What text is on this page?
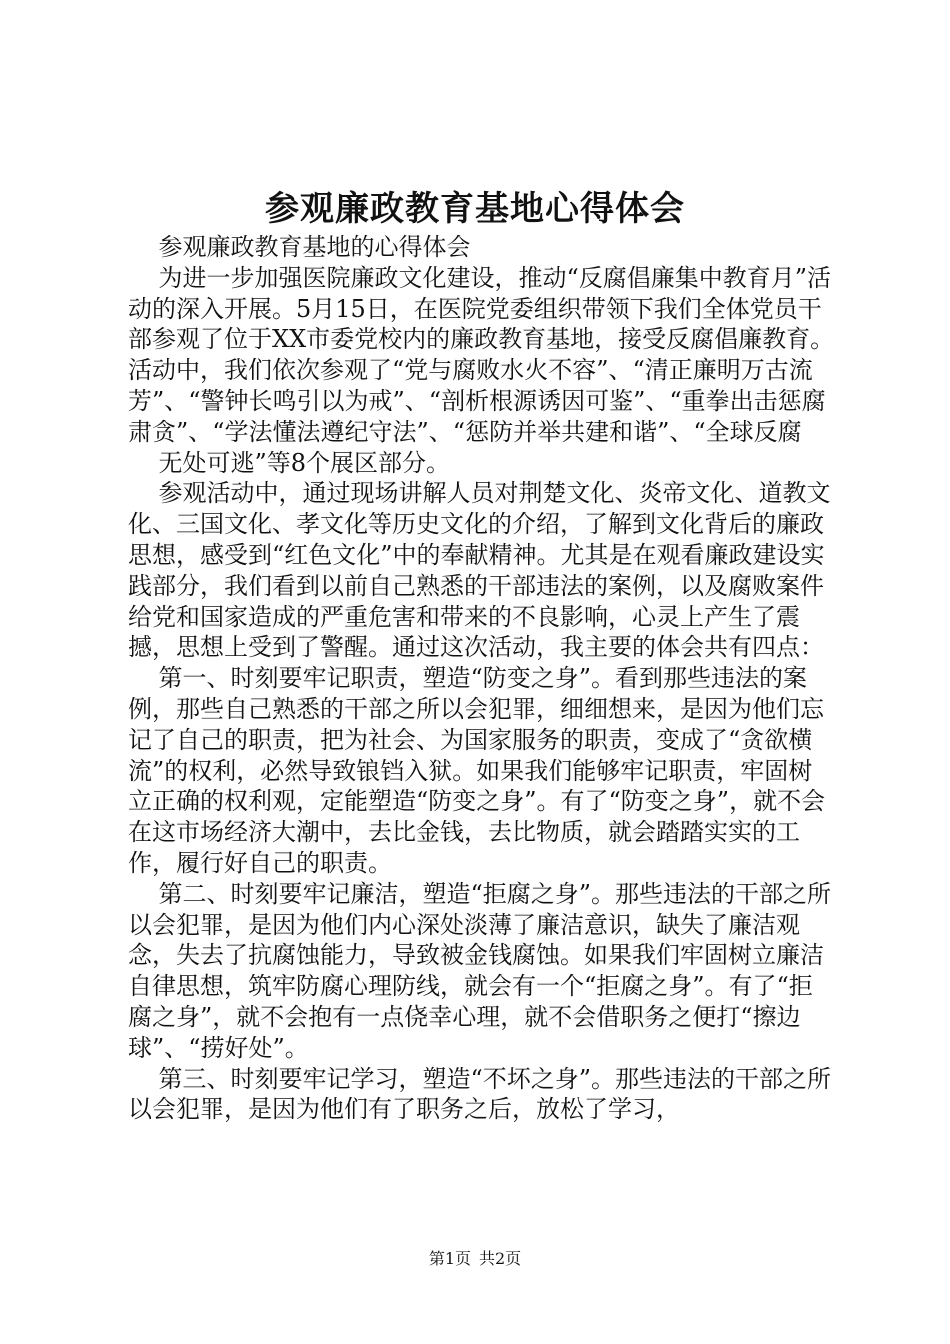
参观廉政教育基地心得体会

参观廉政教育基地的心得体会

为进一步加强医院廉政文化建设，推动“反腐倡廉集中教育月”活动的深入开展。5月15日，在医院党委组织带领下我们全体党员干部参观了位于XX市委党校内的廉政教育基地，接受反腐倡廉教育。活动中，我们依次参观了“党与腐败水火不容”、“清正廉明万古流芳”、“警钟长鸣引以为戒”、“剖析根源诱因可鉴”、“重拳出击惩腐肃贪”、“学法懂法遵纪守法”、“惩防并举共建和谐”、“全球反腐

无处可逃”等8个展区部分。

参观活动中，通过现场讲解人员对荆楚文化、炎帝文化、道教文化、三国文化、孝文化等历史文化的介绍，了解到文化背后的廉政思想，感受到“红色文化”中的奉献精神。尤其是在观看廉政建设实践部分，我们看到以前自己熟悉的干部违法的案例，以及腐败案件给党和国家造成的严重危害和带来的不良影响，心灵上产生了震撼，思想上受到了警醒。通过这次活动，我主要的体会共有四点：

第一、时刻要牢记职责，塑造“防变之身”。看到那些违法的案例，那些自己熟悉的干部之所以会犯罪，细细想来，是因为他们忘记了自己的职责，把为社会、为国家服务的职责，变成了“贪欲横流”的权利，必然导致锒铛入狱。如果我们能够牢记职责，牢固树立正确的权利观，定能塑造“防变之身”。有了“防变之身”，就不会在这市场经济大潮中，去比金钱，去比物质，就会踏踏实实的工作，履行好自己的职责。

第二、时刻要牢记廉洁，塑造“拒腐之身”。那些违法的干部之所以会犯罪，是因为他们内心深处淡薄了廉洁意识，缺失了廉洁观念，失去了抗腐蚀能力，导致被金钱腐蚀。如果我们牢固树立廉洁自律思想，筑牢防腐心理防线，就会有一个“拒腐之身”。有了“拒腐之身”，就不会抱有一点侥幸心理，就不会借职务之便打“擦边球”、“捞好处”。

第三、时刻要牢记学习，塑造“不坏之身”。那些违法的干部之所以会犯罪，是因为他们有了职务之后，放松了学习，

第1页 共2页
